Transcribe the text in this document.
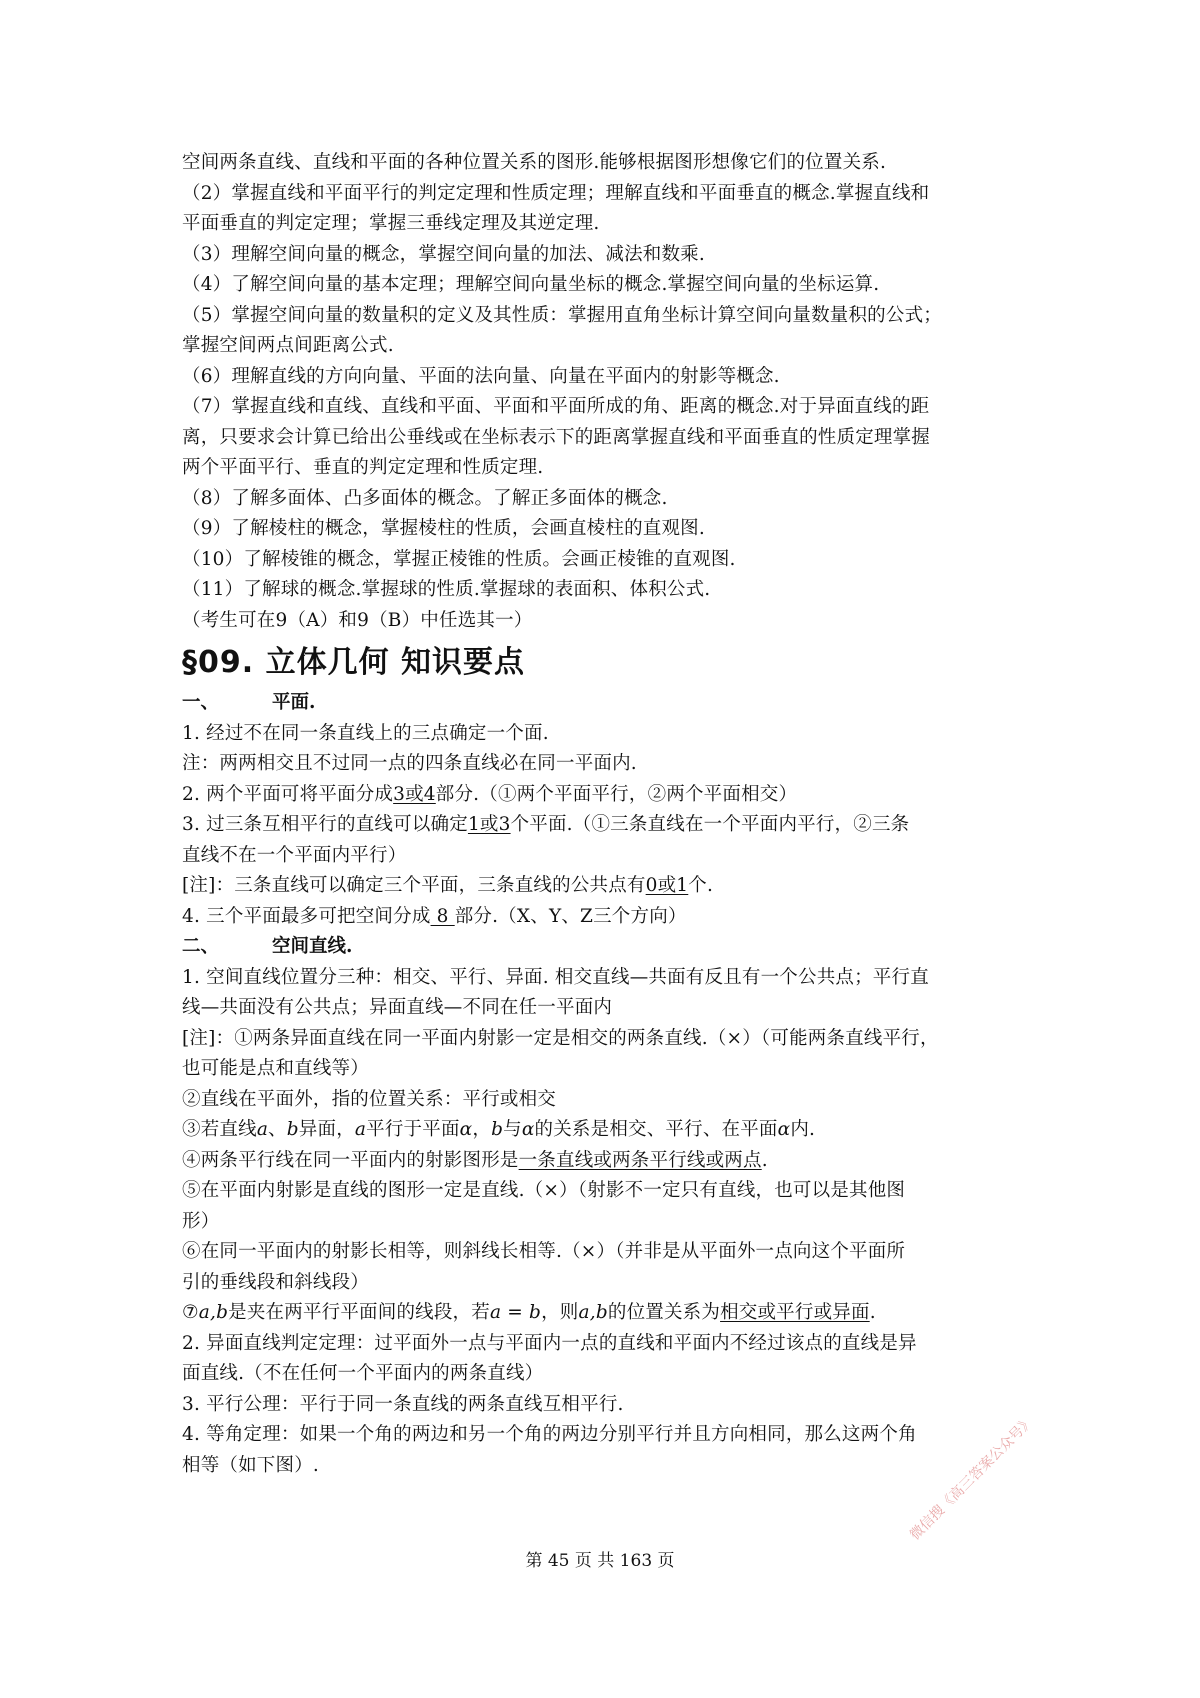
空间两条直线、直线和平面的各种位置关系的图形.能够根据图形想像它们的位置关系.
（2）掌握直线和平面平行的判定定理和性质定理；理解直线和平面垂直的概念.掌握直线和
平面垂直的判定定理；掌握三垂线定理及其逆定理.
（3）理解空间向量的概念，掌握空间向量的加法、减法和数乘.
（4）了解空间向量的基本定理；理解空间向量坐标的概念.掌握空间向量的坐标运算.
（5）掌握空间向量的数量积的定义及其性质：掌握用直角坐标计算空间向量数量积的公式；
掌握空间两点间距离公式.
（6）理解直线的方向向量、平面的法向量、向量在平面内的射影等概念.
（7）掌握直线和直线、直线和平面、平面和平面所成的角、距离的概念.对于异面直线的距
离，只要求会计算已给出公垂线或在坐标表示下的距离掌握直线和平面垂直的性质定理掌握
两个平面平行、垂直的判定定理和性质定理.
（8）了解多面体、凸多面体的概念。了解正多面体的概念.
（9）了解棱柱的概念，掌握棱柱的性质，会画直棱柱的直观图.
（10）了解棱锥的概念，掌握正棱锥的性质。会画正棱锥的直观图.
（11）了解球的概念.掌握球的性质.掌握球的表面积、体积公式.
（考生可在9（A）和9（B）中任选其一）
§09. 立体几何 知识要点
一、	平面.
1. 经过不在同一条直线上的三点确定一个面.
注：两两相交且不过同一点的四条直线必在同一平面内.
2. 两个平面可将平面分成3或4部分.（①两个平面平行，②两个平面相交）
3. 过三条互相平行的直线可以确定1或3个平面.（①三条直线在一个平面内平行，②三条
直线不在一个平面内平行）
[注]：三条直线可以确定三个平面，三条直线的公共点有0或1个.
4. 三个平面最多可把空间分成 8 部分.（X、Y、Z三个方向）
二、	空间直线.
1. 空间直线位置分三种：相交、平行、异面. 相交直线—共面有反且有一个公共点；平行直
线—共面没有公共点；异面直线—不同在任一平面内
[注]：①两条异面直线在同一平面内射影一定是相交的两条直线.（×）（可能两条直线平行，
也可能是点和直线等）
②直线在平面外，指的位置关系：平行或相交
③若直线a、b异面，a平行于平面α，b与α的关系是相交、平行、在平面α内.
④两条平行线在同一平面内的射影图形是一条直线或两条平行线或两点.
⑤在平面内射影是直线的图形一定是直线.（×）（射影不一定只有直线，也可以是其他图
形）
⑥在同一平面内的射影长相等，则斜线长相等.（×）（并非是从平面外一点向这个平面所
引的垂线段和斜线段）
⑦a,b是夹在两平行平面间的线段，若a = b，则a,b的位置关系为相交或平行或异面.
2. 异面直线判定定理：过平面外一点与平面内一点的直线和平面内不经过该点的直线是异
面直线.（不在任何一个平面内的两条直线）
3. 平行公理：平行于同一条直线的两条直线互相平行.
4. 等角定理：如果一个角的两边和另一个角的两边分别平行并且方向相同，那么这两个角
相等（如下图）.
第 45 页 共 163 页
微信搜《高三答案公众号》
